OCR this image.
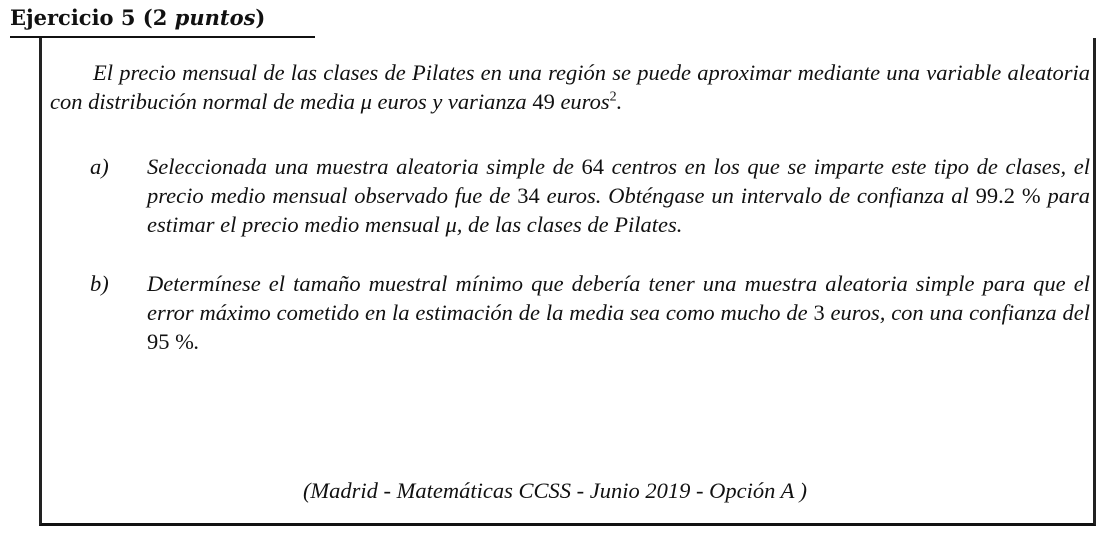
Ejercicio 5 (2 puntos)

El precio mensual de las clases de Pilates en una región se puede aproximar mediante una variable aleatoria con distribución normal de media μ euros y varianza 49 euros$^2$.

a) Seleccionada una muestra aleatoria simple de 64 centros en los que se imparte este tipo de clases, el precio medio mensual observado fue de 34 euros. Obténgase un intervalo de confianza al 99.2 % para estimar el precio medio mensual μ, de las clases de Pilates.
b) Determínese el tamaño muestral mínimo que debería tener una muestra aleatoria simple para que el error máximo cometido en la estimación de la media sea como mucho de 3 euros, con una confianza del 95 %.
(Madrid - Matemáticas CCSS - Junio 2019 - Opción A )
